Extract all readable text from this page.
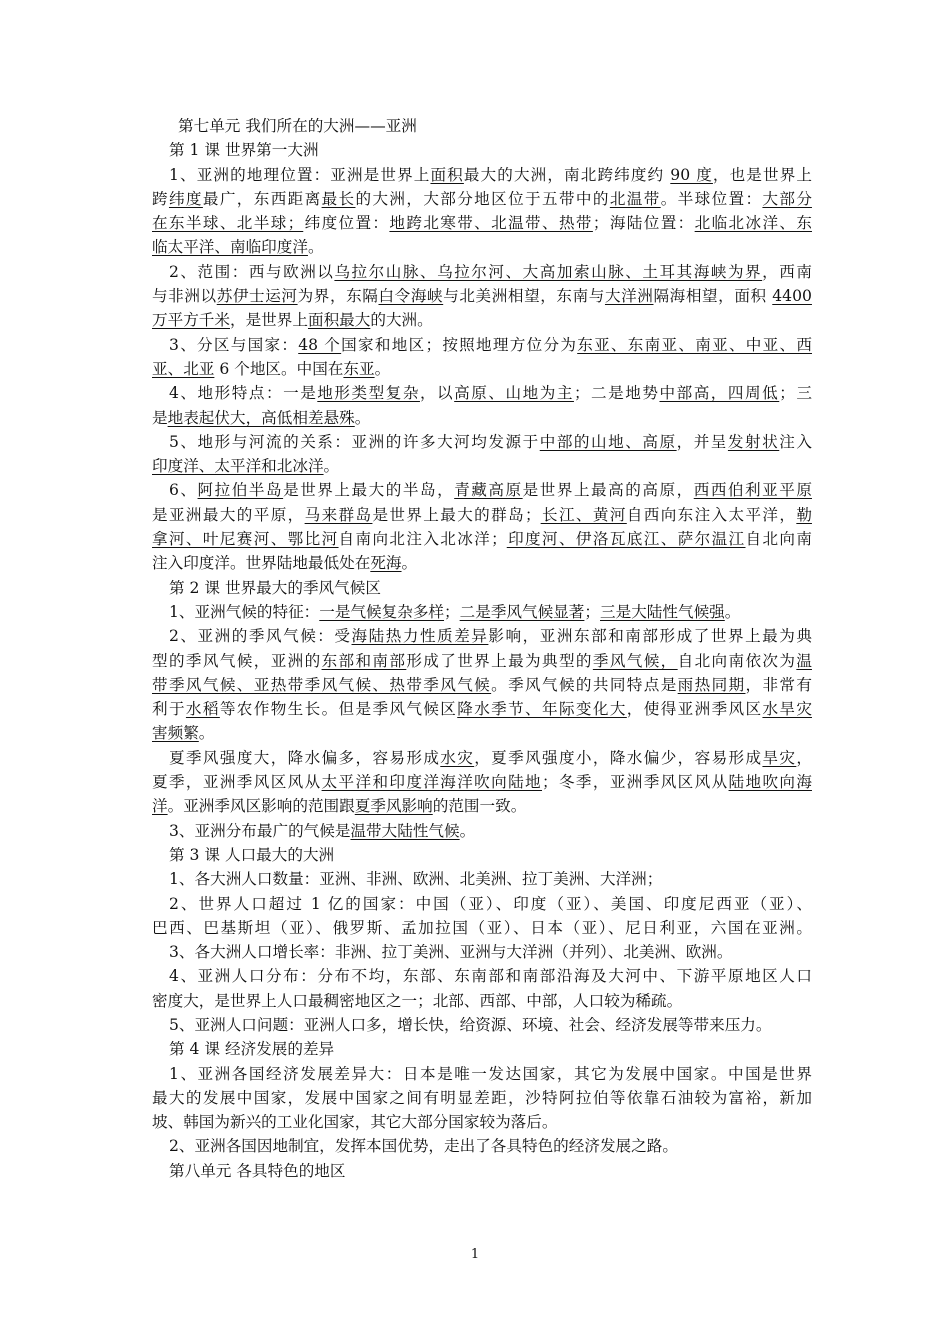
第七单元 我们所在的大洲——亚洲
第 1 课 世界第一大洲
1、亚洲的地理位置：亚洲是世界上面积最大的大洲，南北跨纬度约 90 度，也是世界上
跨纬度最广，东西距离最长的大洲，大部分地区位于五带中的北温带。半球位置：大部分
在东半球、北半球；纬度位置：地跨北寒带、北温带、热带；海陆位置：北临北冰洋、东
临太平洋、南临印度洋。
2、范围：西与欧洲以乌拉尔山脉、乌拉尔河、大高加索山脉、土耳其海峡为界，西南
与非洲以苏伊士运河为界，东隔白令海峡与北美洲相望，东南与大洋洲隔海相望，面积 4400
万平方千米，是世界上面积最大的大洲。
3、分区与国家：48 个国家和地区；按照地理方位分为东亚、东南亚、南亚、中亚、西
亚、北亚 6 个地区。中国在东亚。
4、地形特点：一是地形类型复杂，以高原、山地为主；二是地势中部高，四周低；三
是地表起伏大，高低相差悬殊。
5、地形与河流的关系：亚洲的许多大河均发源于中部的山地、高原，并呈发射状注入
印度洋、太平洋和北冰洋。
6、阿拉伯半岛是世界上最大的半岛，青藏高原是世界上最高的高原，西西伯利亚平原
是亚洲最大的平原，马来群岛是世界上最大的群岛；长江、黄河自西向东注入太平洋，勒
拿河、叶尼赛河、鄂比河自南向北注入北冰洋；印度河、伊洛瓦底江、萨尔温江自北向南
注入印度洋。世界陆地最低处在死海。
第 2 课 世界最大的季风气候区
1、亚洲气候的特征：一是气候复杂多样；二是季风气候显著；三是大陆性气候强。
2、亚洲的季风气候：受海陆热力性质差异影响，亚洲东部和南部形成了世界上最为典
型的季风气候，亚洲的东部和南部形成了世界上最为典型的季风气候，自北向南依次为温
带季风气候、亚热带季风气候、热带季风气候。季风气候的共同特点是雨热同期，非常有
利于水稻等农作物生长。但是季风气候区降水季节、年际变化大，使得亚洲季风区水旱灾
害频繁。
夏季风强度大，降水偏多，容易形成水灾，夏季风强度小，降水偏少，容易形成旱灾，
夏季，亚洲季风区风从太平洋和印度洋海洋吹向陆地；冬季，亚洲季风区风从陆地吹向海
洋。亚洲季风区影响的范围跟夏季风影响的范围一致。
3、亚洲分布最广的气候是温带大陆性气候。
第 3 课 人口最大的大洲
1、各大洲人口数量：亚洲、非洲、欧洲、北美洲、拉丁美洲、大洋洲；
2、世界人口超过 1 亿的国家：中国（亚）、印度（亚）、美国、印度尼西亚（亚）、
巴西、巴基斯坦（亚）、俄罗斯、孟加拉国（亚）、日本（亚）、尼日利亚，六国在亚洲。
3、各大洲人口增长率：非洲、拉丁美洲、亚洲与大洋洲（并列）、北美洲、欧洲。
4、亚洲人口分布：分布不均，东部、东南部和南部沿海及大河中、下游平原地区人口
密度大，是世界上人口最稠密地区之一；北部、西部、中部，人口较为稀疏。
5、亚洲人口问题：亚洲人口多，增长快，给资源、环境、社会、经济发展等带来压力。
第 4 课 经济发展的差异
1、亚洲各国经济发展差异大：日本是唯一发达国家，其它为发展中国家。中国是世界
最大的发展中国家，发展中国家之间有明显差距，沙特阿拉伯等依靠石油较为富裕，新加
坡、韩国为新兴的工业化国家，其它大部分国家较为落后。
2、亚洲各国因地制宜，发挥本国优势，走出了各具特色的经济发展之路。
第八单元 各具特色的地区
1
